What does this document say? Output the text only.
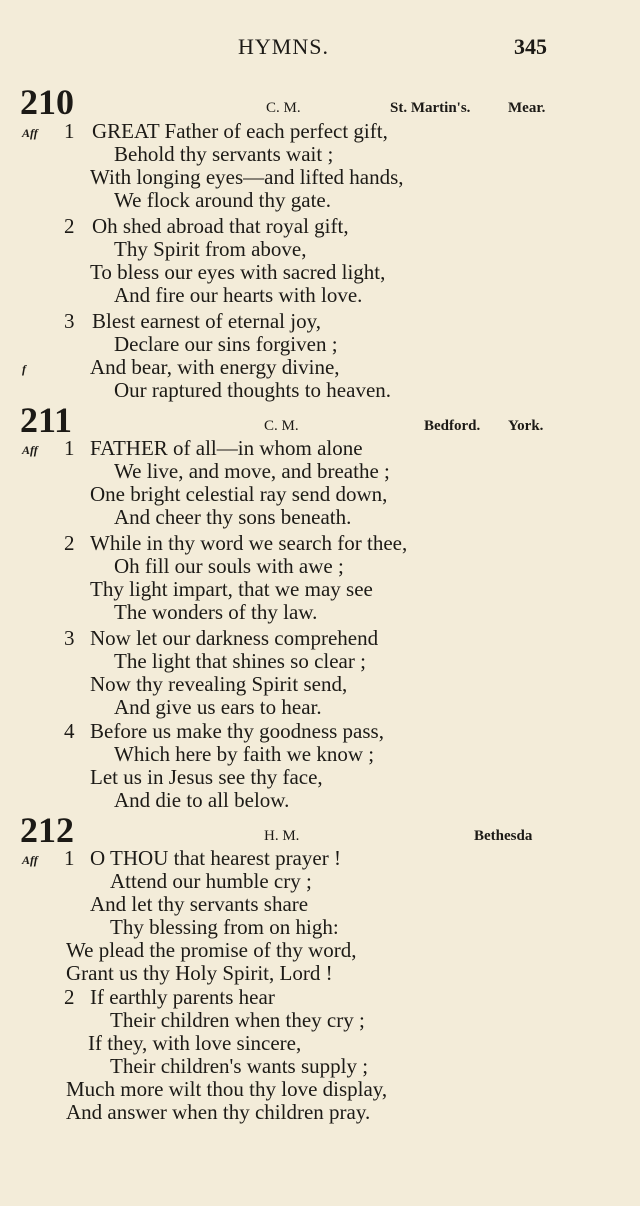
HYMNS.	345
210	C. M.	St. Martin's.	Mear.
Aff 1 GREAT Father of each perfect gift,
Behold thy servants wait ;
With longing eyes—and lifted hands,
We flock around thy gate.
2 Oh shed abroad that royal gift,
Thy Spirit from above,
To bless our eyes with sacred light,
And fire our hearts with love.
3 Blest earnest of eternal joy,
Declare our sins forgiven ;
f	And bear, with energy divine,
Our raptured thoughts to heaven.
211	C. M.	Bedford. York.
Aff 1 FATHER of all—in whom alone
We live, and move, and breathe ;
One bright celestial ray send down,
And cheer thy sons beneath.
2 While in thy word we search for thee,
Oh fill our souls with awe ;
Thy light impart, that we may see
The wonders of thy law.
3 Now let our darkness comprehend
The light that shines so clear ;
Now thy revealing Spirit send,
And give us ears to hear.
4 Before us make thy goodness pass,
Which here by faith we know ;
Let us in Jesus see thy face,
And die to all below.
212	H. M.	Bethesda
Aff 1 O THOU that hearest prayer !
Attend our humble cry ;
And let thy servants share
Thy blessing from on high:
We plead the promise of thy word,
Grant us thy Holy Spirit, Lord !
2 If earthly parents hear
Their children when they cry ;
If they, with love sincere,
Their children's wants supply ;
Much more wilt thou thy love display,
And answer when thy children pray.
